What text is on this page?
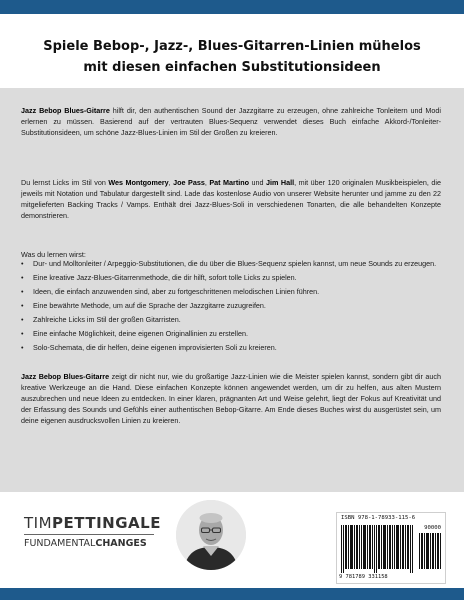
Spiele Bebop-, Jazz-, Blues-Gitarren-Linien mühelos
mit diesen einfachen Substitutionsideen

Jazz Bebop Blues-Gitarre hilft dir, den authentischen Sound der Jazzgitarre zu erzeugen, ohne zahlreiche Tonleitern und Modi erlernen zu müssen. Basierend auf der vertrauten Blues-Sequenz verwendet dieses Buch einfache Akkord-/Tonleiter-Substitutionsideen, um schöne Jazz-Blues-Linien im Stil der Großen zu kreieren.

Du lernst Licks im Stil von Wes Montgomery, Joe Pass, Pat Martino und Jim Hall, mit über 120 originalen Musikbeispielen, die jeweils mit Notation und Tabulatur dargestellt sind. Lade das kostenlose Audio von unserer Website herunter und jamme zu den 22 mitgelieferten Backing Tracks / Vamps. Enthält drei Jazz-Blues-Soli in verschiedenen Tonarten, die alle behandelten Konzepte demonstrieren.

Was du lernen wirst:

• Dur- und Molltonleiter / Arpeggio-Substitutionen, die du über die Blues-Sequenz spielen kannst, um neue Sounds zu erzeugen.
• Eine kreative Jazz-Blues-Gitarrenmethode, die dir hilft, sofort tolle Licks zu spielen.
• Ideen, die einfach anzuwenden sind, aber zu fortgeschrittenen melodischen Linien führen.
• Eine bewährte Methode, um auf die Sprache der Jazzgitarre zuzugreifen.
• Zahlreiche Licks im Stil der großen Gitarristen.
• Eine einfache Möglichkeit, deine eigenen Originallinien zu erstellen.
• Solo-Schemata, die dir helfen, deine eigenen improvisierten Soli zu kreieren.

Jazz Bebop Blues-Gitarre zeigt dir nicht nur, wie du großartige Jazz-Linien wie die Meister spielen kannst, sondern gibt dir auch kreative Werkzeuge an die Hand. Diese einfachen Konzepte können angewendet werden, um dir zu helfen, aus alten Mustern auszubrechen und neue Ideen zu entdecken. In einer klaren, prägnanten Art und Weise gelehrt, liegt der Fokus auf Kreativität und der Erfassung des Sounds und Gefühls einer authentischen Bebop-Gitarre. Am Ende dieses Buches wirst du ausgerüstet sein, um deine eigenen ausdrucksvollen Linien zu kreieren.

TIMPETTINGALE
FUNDAMENTALCHANGES
ISBN 978-1-78933-115-6
90000
9 781789 331158
